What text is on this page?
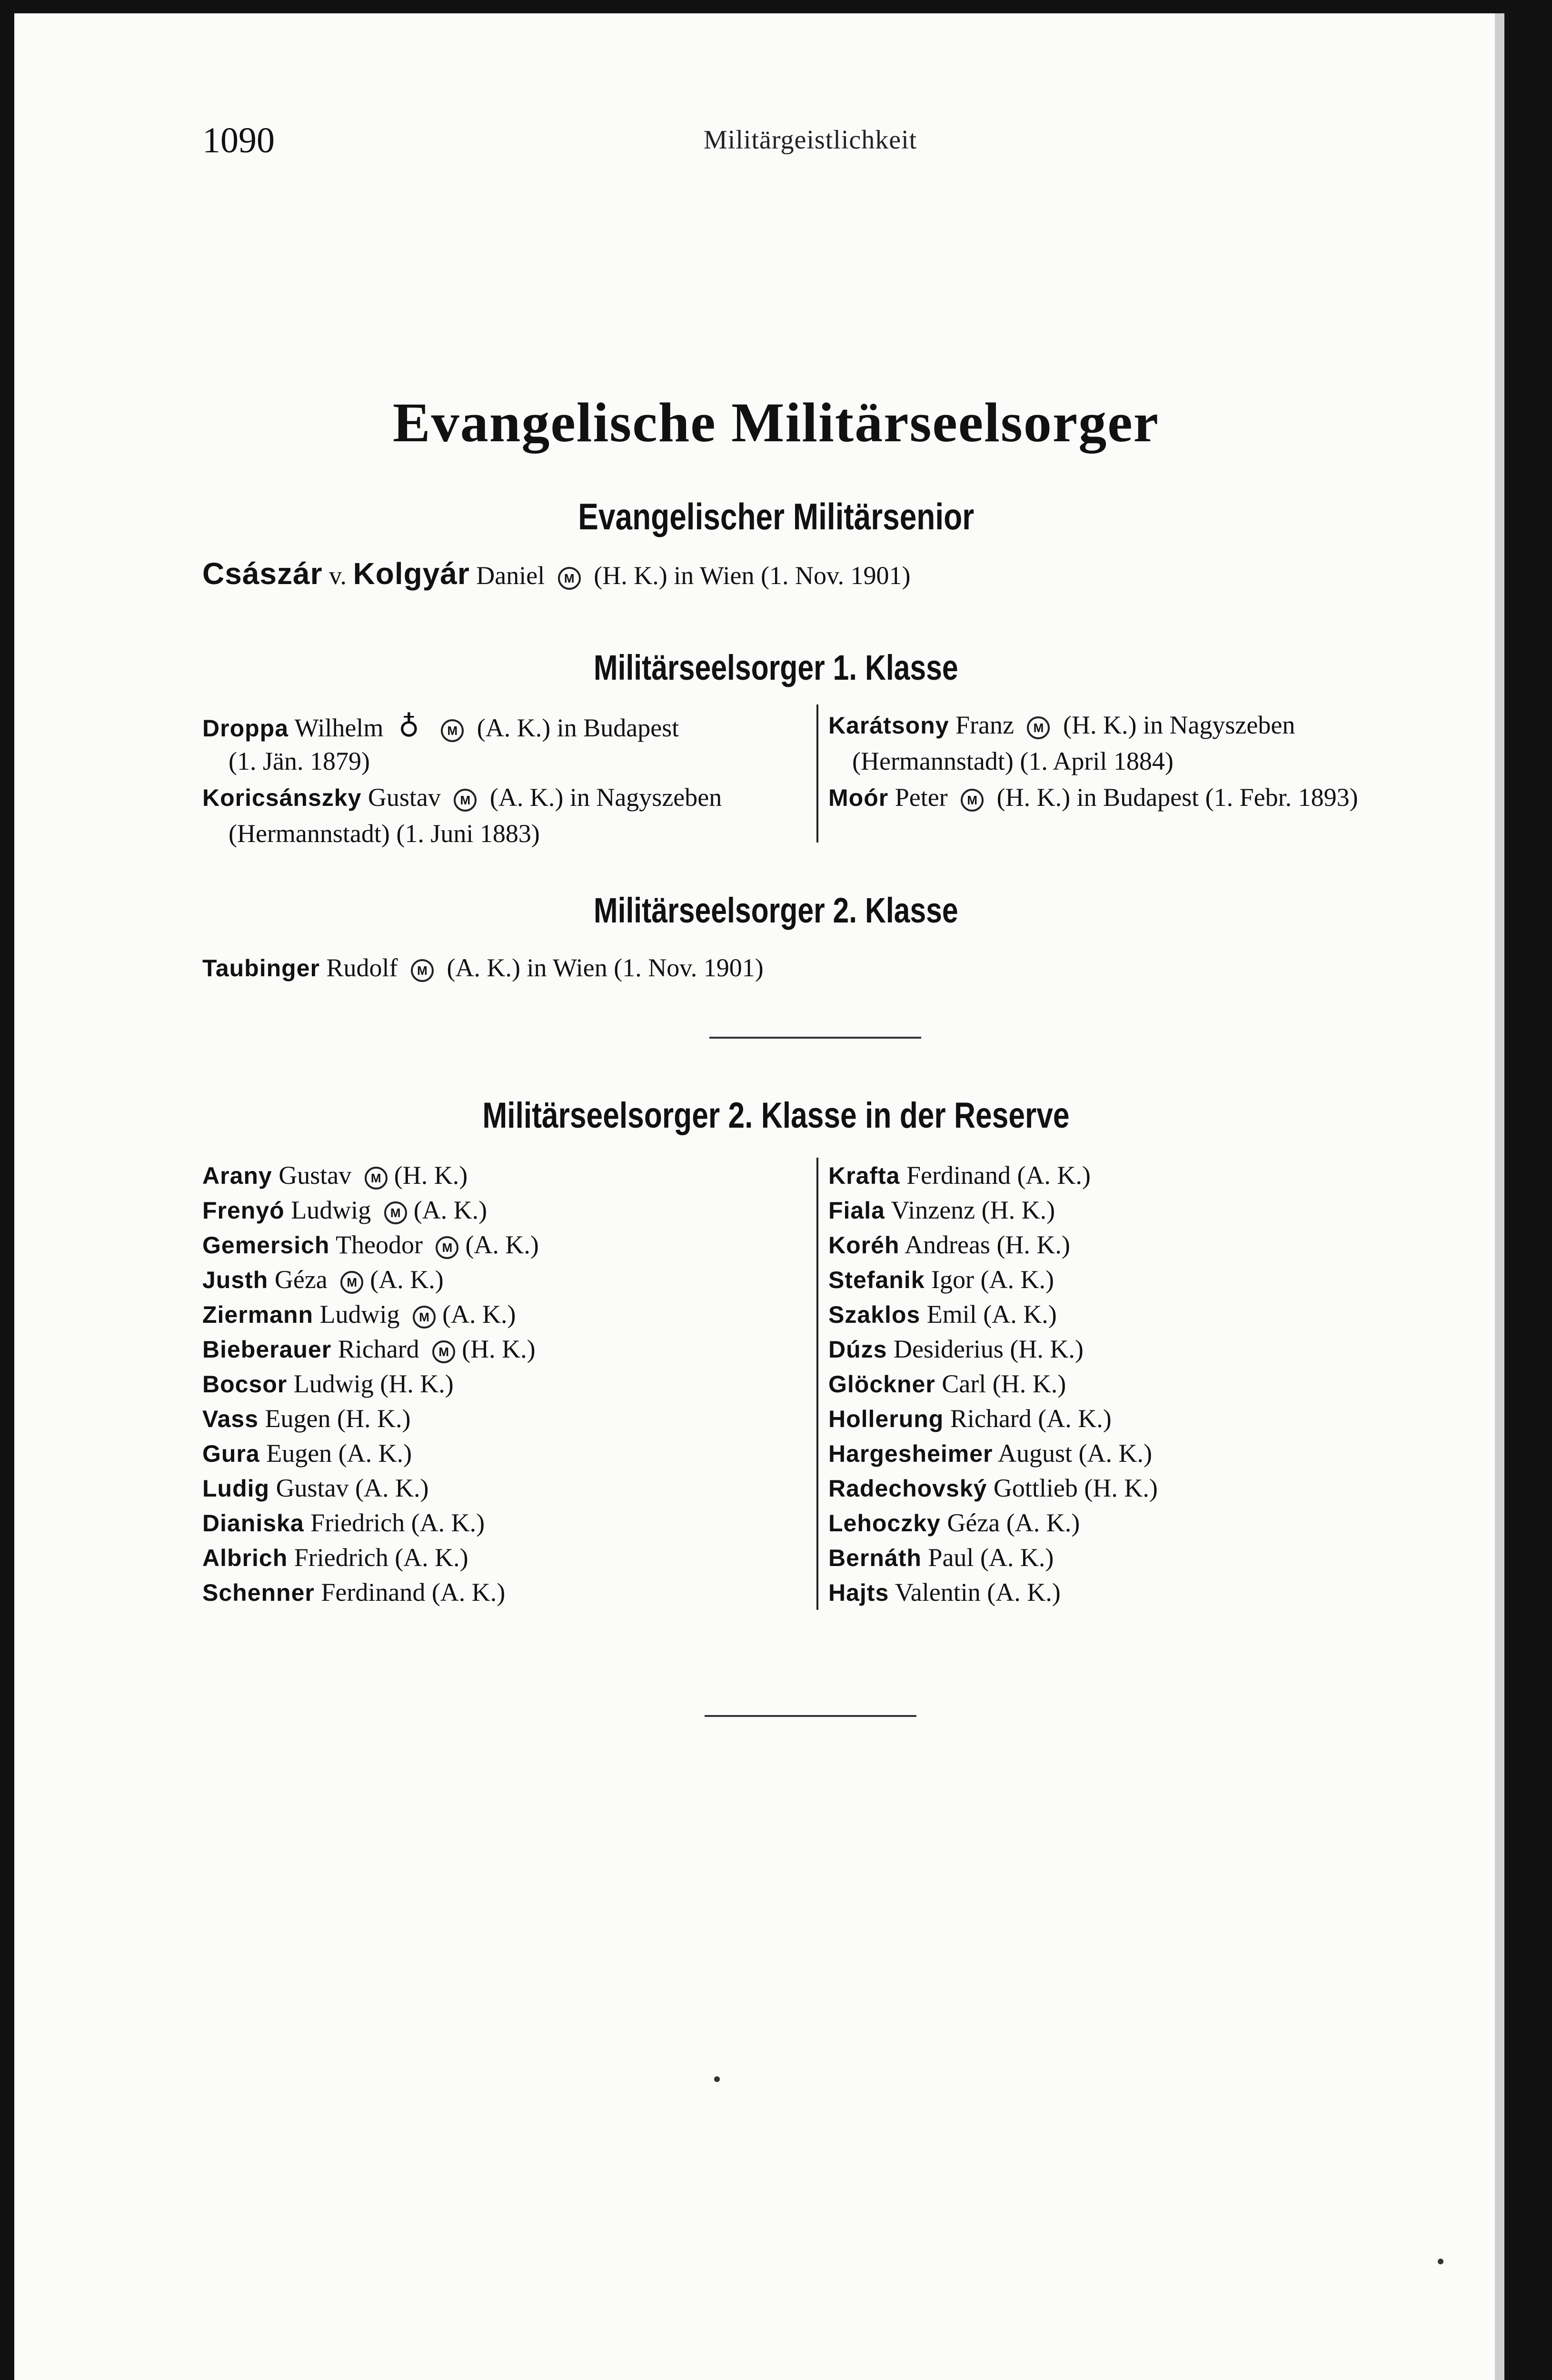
1090	Militärgeistlichkeit
Evangelische Militärseelsorger
Evangelischer Militärsenior
Császár v. Kolgyár Daniel M (H. K.) in Wien (1. Nov. 1901)
Militärseelsorger 1. Klasse
Droppa Wilhelm ♁ M (A. K.) in Budapest
(1. Jän. 1879)
Koricsánszky Gustav M (A. K.) in Nagyszeben
(Hermannstadt) (1. Juni 1883)
Karátsony Franz M (H. K.) in Nagyszeben
(Hermannstadt) (1. April 1884)
Moór Peter M (H. K.) in Budapest (1. Febr. 1893)
Militärseelsorger 2. Klasse
Taubinger Rudolf M (A. K.) in Wien (1. Nov. 1901)
Militärseelsorger 2. Klasse in der Reserve
Arany Gustav M (H. K.)
Frenyó Ludwig M (A. K.)
Gemersich Theodor M (A. K.)
Justh Géza M (A. K.)
Ziermann Ludwig M (A. K.)
Bieberauer Richard M (H. K.)
Bocsor Ludwig (H. K.)
Vass Eugen (H. K.)
Gura Eugen (A. K.)
Ludig Gustav (A. K.)
Dianiska Friedrich (A. K.)
Albrich Friedrich (A. K.)
Schenner Ferdinand (A. K.)
Krafta Ferdinand (A. K.)
Fiala Vinzenz (H. K.)
Koréh Andreas (H. K.)
Stefanik Igor (A. K.)
Szaklos Emil (A. K.)
Dúzs Desiderius (H. K.)
Glöckner Carl (H. K.)
Hollerung Richard (A. K.)
Hargesheimer August (A. K.)
Radechovský Gottlieb (H. K.)
Lehoczky Géza (A. K.)
Bernáth Paul (A. K.)
Hajts Valentin (A. K.)
